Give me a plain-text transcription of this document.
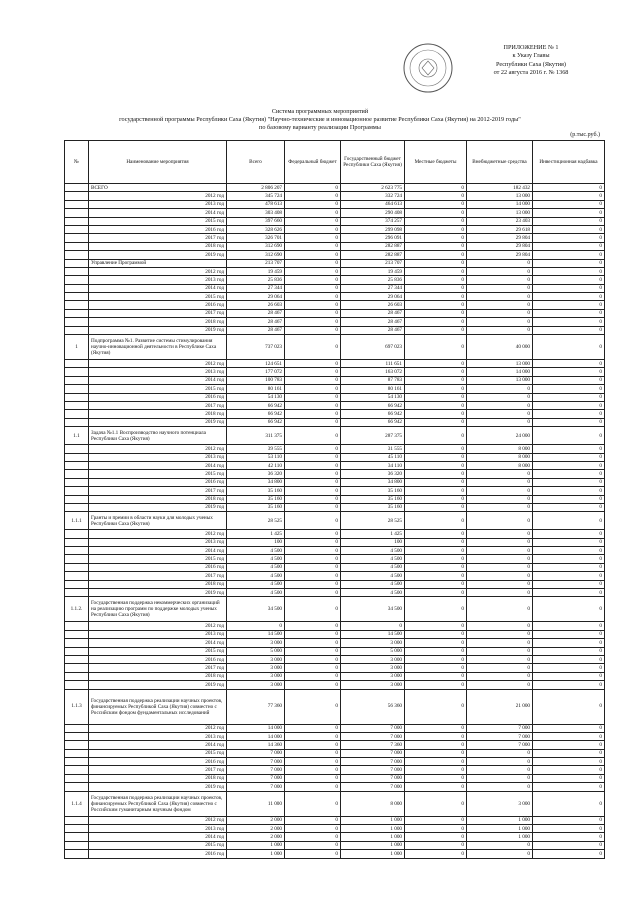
ПРИЛОЖЕНИЕ № 1
к Указу Главы
Республики Саха (Якутия)
от 22 августа 2016 г. № 1368
Система программных мероприятий
государственной программы Республики Саха (Якутия) "Научно-технические и инновационное развитие Республики Саха (Якутия) на 2012-2019 годы"
по базовому варианту реализации Программы
(р.тыс.руб.)
№	Наименование мероприятия	Всего	Федеральный бюджет	Государственный бюджет Республики Саха (Якутия)	Местные бюджеты	Внебюджетные средства	Инвестиционная надбавка
	ВСЕГО	2 806 207	0	2 623 775	0	182 432	0
	2012 год	345 724	0	332 724	0	13 000	0
	2013 год	478 613	0	464 613	0	14 000	0
	2014 год	303 408	0	290 408	0	13 000	0
	2015 год	397 660	0	374 257	0	23 403	0
	2016 год	328 626	0	299 098	0	29 618	0
	2017 год	326 701	0	296 091	0	29 804	0
	2018 год	312 690	0	282 887	0	29 804	0
	2019 год	312 690	0	282 887	0	29 804	0
	Управление Программой	213 707	0	213 707	0	0	0
	2012 год	19 459	0	19 459	0	0	0
	2013 год	25 836	0	25 836	0	0	0
	2014 год	27 344	0	27 344	0	0	0
	2015 год	29 064	0	29 064	0	0	0
	2016 год	26 603	0	26 603	0	0	0
	2017 год	28 467	0	28 467	0	0	0
	2018 год	28 467	0	28 467	0	0	0
	2019 год	28 467	0	28 467	0	0	0
1	Подпрограмма №1. Развитие системы стимулирования научно-инновационной деятельности в Республике Саха (Якутия)	737 023	0	697 023	0	40 000	0
	2012 год	124 651	0	111 651	0	13 000	0
	2013 год	177 072	0	163 072	0	14 000	0
	2014 год	100 783	0	87 783	0	13 000	0
	2015 год	80 161	0	80 161	0	0	0
	2016 год	54 130	0	54 130	0	0	0
	2017 год	66 942	0	66 942	0	0	0
	2018 год	66 942	0	66 942	0	0	0
	2019 год	66 942	0	66 942	0	0	0
1.1	Задача №1.1 Воспроизводство научного потенциала Республики Саха (Якутия)	311 375	0	287 375	0	24 000	0
	2012 год	39 555	0	31 555	0	8 000	0
	2013 год	53 110	0	45 110	0	8 000	0
	2014 год	42 110	0	34 110	0	8 000	0
	2015 год	36 320	0	36 320	0	0	0
	2016 год	34 800	0	34 800	0	0	0
	2017 год	35 160	0	35 160	0	0	0
	2018 год	35 160	0	35 160	0	0	0
	2019 год	35 160	0	35 160	0	0	0
1.1.1	Гранты и премии в области науки для молодых ученых Республики Саха (Якутия)	28 525	0	28 525	0	0	0
	2012 год	1 425	0	1 425	0	0	0
	2013 год	100	0	100	0	0	0
	2014 год	4 500	0	4 500	0	0	0
	2015 год	4 500	0	4 500	0	0	0
	2016 год	4 500	0	4 500	0	0	0
	2017 год	4 500	0	4 500	0	0	0
	2018 год	4 500	0	4 500	0	0	0
	2019 год	4 500	0	4 500	0	0	0
1.1.2.	Государственная поддержка некоммерческих организаций на реализацию программ по поддержке молодых ученых Республики Саха (Якутия)	34 500	0	34 500	0	0	0
	2012 год	0	0	0	0	0	0
	2013 год	14 500	0	14 500	0	0	0
	2014 год	3 000	0	3 000	0	0	0
	2015 год	5 000	0	5 000	0	0	0
	2016 год	3 000	0	3 000	0	0	0
	2017 год	3 000	0	3 000	0	0	0
	2018 год	3 000	0	3 000	0	0	0
	2019 год	3 000	0	3 000	0	0	0
1.1.3	Государственная поддержка реализации научных проектов, финансируемых Республикой Саха (Якутия) совместно с Российским фондом фундаментальных исследований	77 360	0	56 360	0	21 000	0
	2012 год	14 000	0	7 000	0	7 000	0
	2013 год	14 000	0	7 000	0	7 000	0
	2014 год	14 360	0	7 360	0	7 000	0
	2015 год	7 000	0	7 000	0	0	0
	2016 год	7 000	0	7 000	0	0	0
	2017 год	7 000	0	7 000	0	0	0
	2018 год	7 000	0	7 000	0	0	0
	2019 год	7 000	0	7 000	0	0	0
1.1.4	Государственная поддержка реализации научных проектов, финансируемых Республикой Саха (Якутия) совместно с Российским гуманитарным научным фондом	11 000	0	8 000	0	3 000	0
	2012 год	2 000	0	1 000	0	1 000	0
	2013 год	2 000	0	1 000	0	1 000	0
	2014 год	2 000	0	1 000	0	1 000	0
	2015 год	1 000	0	1 000	0	0	0
	2016 год	1 000	0	1 000	0	0	0
